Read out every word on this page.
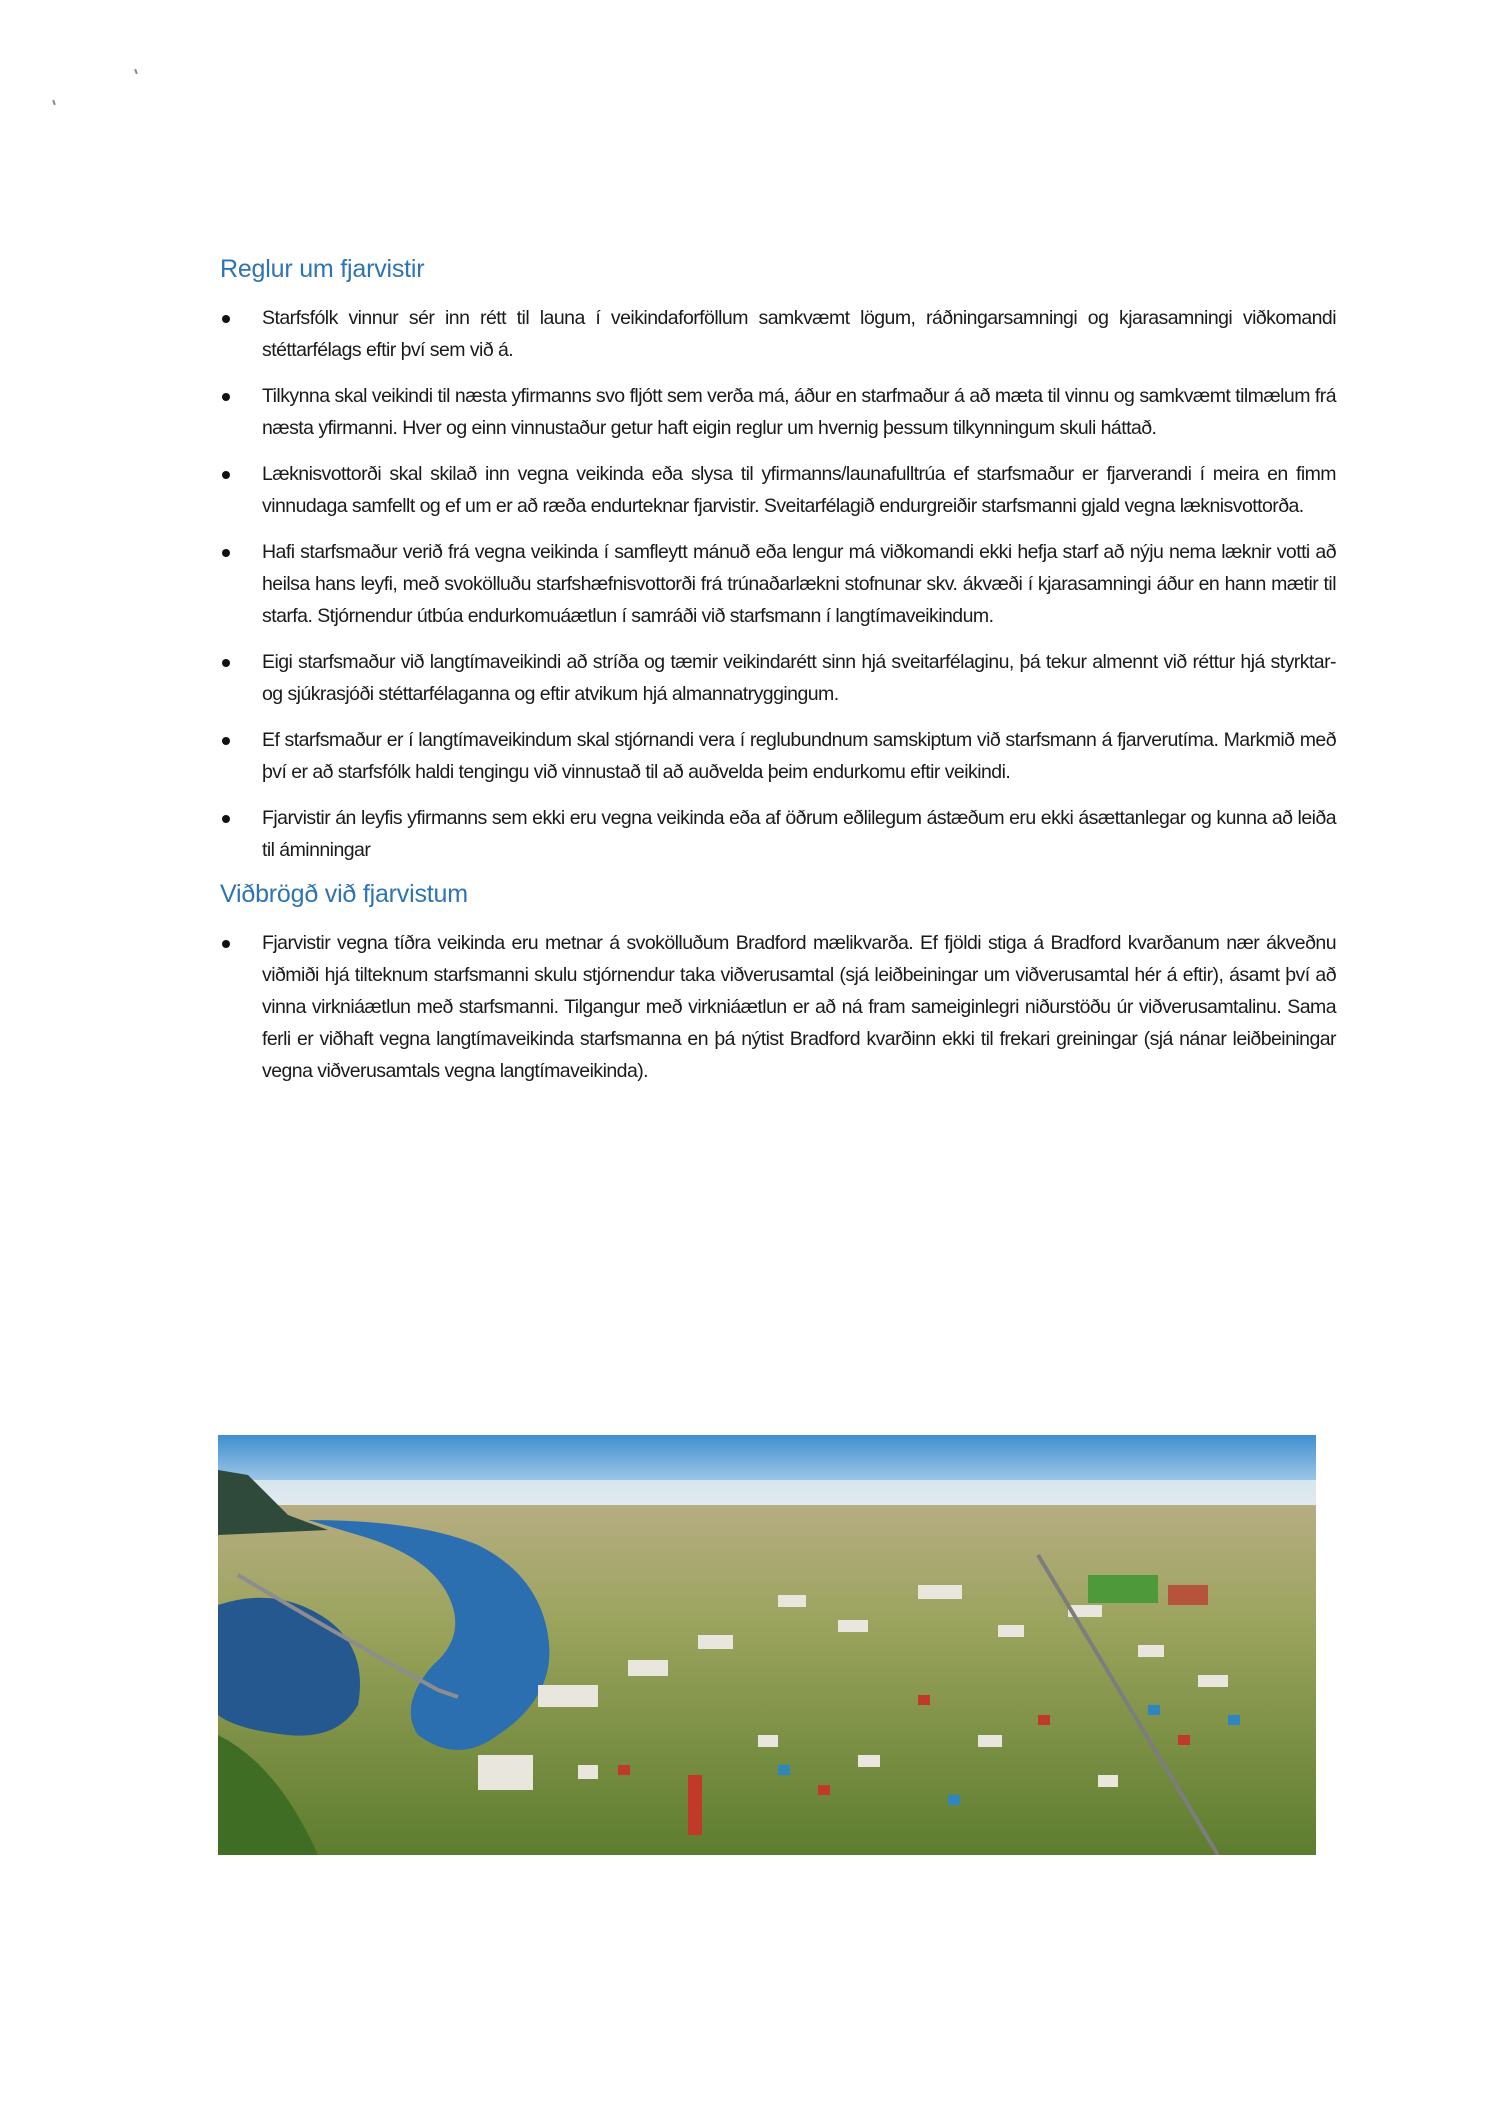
Reglur um fjarvistir
Starfsfólk vinnur sér inn rétt til launa í veikindaforföllum samkvæmt lögum, ráðningarsamningi og kjarasamningi viðkomandi stéttarfélags eftir því sem við á.
Tilkynna skal veikindi til næsta yfirmanns svo fljótt sem verða má, áður en starfmaður á að mæta til vinnu og samkvæmt tilmælum frá næsta yfirmanni. Hver og einn vinnustaður getur haft eigin reglur um hvernig þessum tilkynningum skuli háttað.
Læknisvottorði skal skilað inn vegna veikinda eða slysa til yfirmanns/launafulltrúa ef starfsmaður er fjarverandi í meira en fimm vinnudaga samfellt og ef um er að ræða endurteknar fjarvistir. Sveitarfélagið endurgreiðir starfsmanni gjald vegna læknisvottorða.
Hafi starfsmaður verið frá vegna veikinda í samfleytt mánuð eða lengur má viðkomandi ekki hefja starf að nýju nema læknir votti að heilsa hans leyfi, með svokölluðu starfshæfnisvottorði frá trúnaðarlækni stofnunar skv. ákvæði í kjarasamningi áður en hann mætir til starfa. Stjórnendur útbúa endurkomuáætlun í samráði við starfsmann í langtímaveikindum.
Eigi starfsmaður við langtímaveikindi að stríða og tæmir veikindarétt sinn hjá sveitarfélaginu, þá tekur almennt við réttur hjá styrktar- og sjúkrasjóði stéttarfélaganna og eftir atvikum hjá almannatryggingum.
Ef starfsmaður er í langtímaveikindum skal stjórnandi vera í reglubundnum samskiptum við starfsmann á fjarverutíma. Markmið með því er að starfsfólk haldi tengingu við vinnustað til að auðvelda þeim endurkomu eftir veikindi.
Fjarvistir án leyfis yfirmanns sem ekki eru vegna veikinda eða af öðrum eðlilegum ástæðum eru ekki ásættanlegar og kunna að leiða til áminningar
Viðbrögð við fjarvistum
Fjarvistir vegna tíðra veikinda eru metnar á svokölluðum Bradford mælikvarða. Ef fjöldi stiga á Bradford kvarðanum nær ákveðnu viðmiði hjá tilteknum starfsmanni skulu stjórnendur taka viðverusamtal (sjá leiðbeiningar um viðverusamtal hér á eftir), ásamt því að vinna virkniáætlun með starfsmanni. Tilgangur með virkniáætlun er að ná fram sameiginlegri niðurstöðu úr viðverusamtalinu. Sama ferli er viðhaft vegna langtímaveikinda starfsmanna en þá nýtist Bradford kvarðinn ekki til frekari greiningar (sjá nánar leiðbeiningar vegna viðverusamtals vegna langtímaveikinda).
